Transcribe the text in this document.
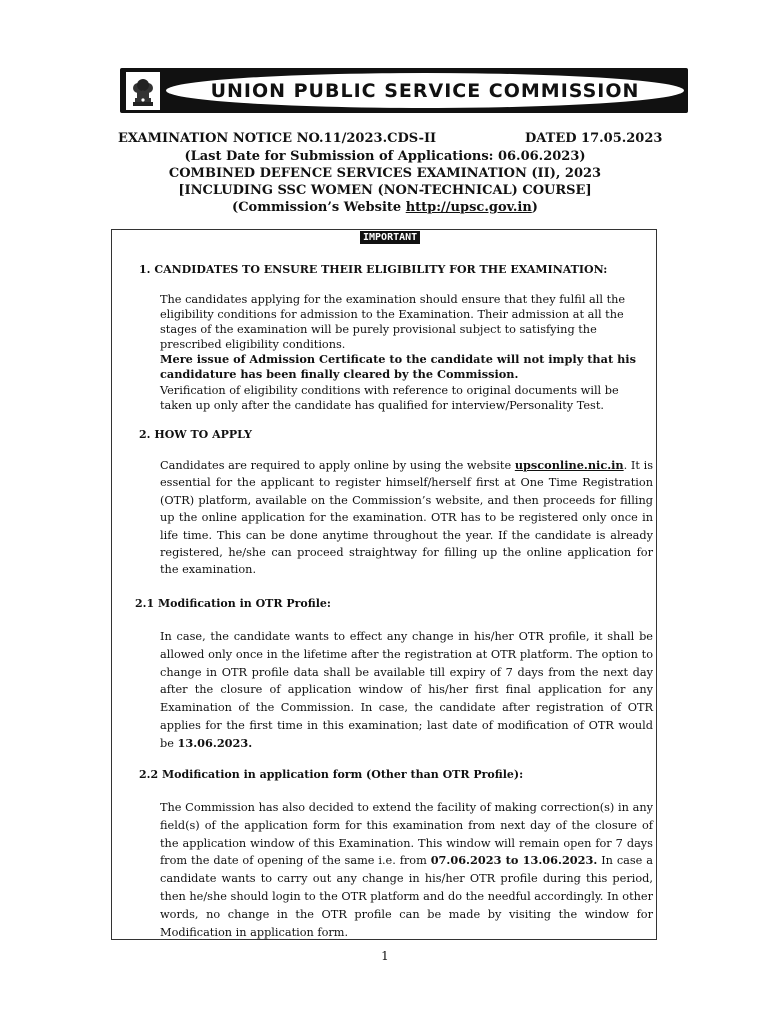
UNION PUBLIC SERVICE COMMISSION
EXAMINATION NOTICE NO.11/2023.CDS-II	DATED 17.05.2023
(Last Date for Submission of Applications: 06.06.2023)
COMBINED DEFENCE SERVICES EXAMINATION (II), 2023
[INCLUDING SSC WOMEN (NON-TECHNICAL) COURSE]
(Commission’s Website http://upsc.gov.in)
IMPORTANT
1. CANDIDATES TO ENSURE THEIR ELIGIBILITY FOR THE EXAMINATION:
The candidates applying for the examination should ensure that they fulfil all the eligibility conditions for admission to the Examination. Their admission at all the stages of the examination will be purely provisional subject to satisfying the prescribed eligibility conditions.
Mere issue of Admission Certificate to the candidate will not imply that his candidature has been finally cleared by the Commission.
Verification of eligibility conditions with reference to original documents will be taken up only after the candidate has qualified for interview/Personality Test.
2. HOW TO APPLY
Candidates are required to apply online by using the website upsconline.nic.in. It is essential for the applicant to register himself/herself first at One Time Registration (OTR) platform, available on the Commission’s website, and then proceeds for filling up the online application for the examination. OTR has to be registered only once in life time. This can be done anytime throughout the year. If the candidate is already registered, he/she can proceed straightway for filling up the online application for the examination.
2.1 Modification in OTR Profile:
In case, the candidate wants to effect any change in his/her OTR profile, it shall be allowed only once in the lifetime after the registration at OTR platform. The option to change in OTR profile data shall be available till expiry of 7 days from the next day after the closure of application window of his/her first final application for any Examination of the Commission. In case, the candidate after registration of OTR applies for the first time in this examination; last date of modification of OTR would be 13.06.2023.
2.2 Modification in application form (Other than OTR Profile):
The Commission has also decided to extend the facility of making correction(s) in any field(s) of the application form for this examination from next day of the closure of the application window of this Examination. This window will remain open for 7 days from the date of opening of the same i.e. from 07.06.2023 to 13.06.2023. In case a candidate wants to carry out any change in his/her OTR profile during this period, then he/she should login to the OTR platform and do the needful accordingly. In other words, no change in the OTR profile can be made by visiting the window for Modification in application form.
1
